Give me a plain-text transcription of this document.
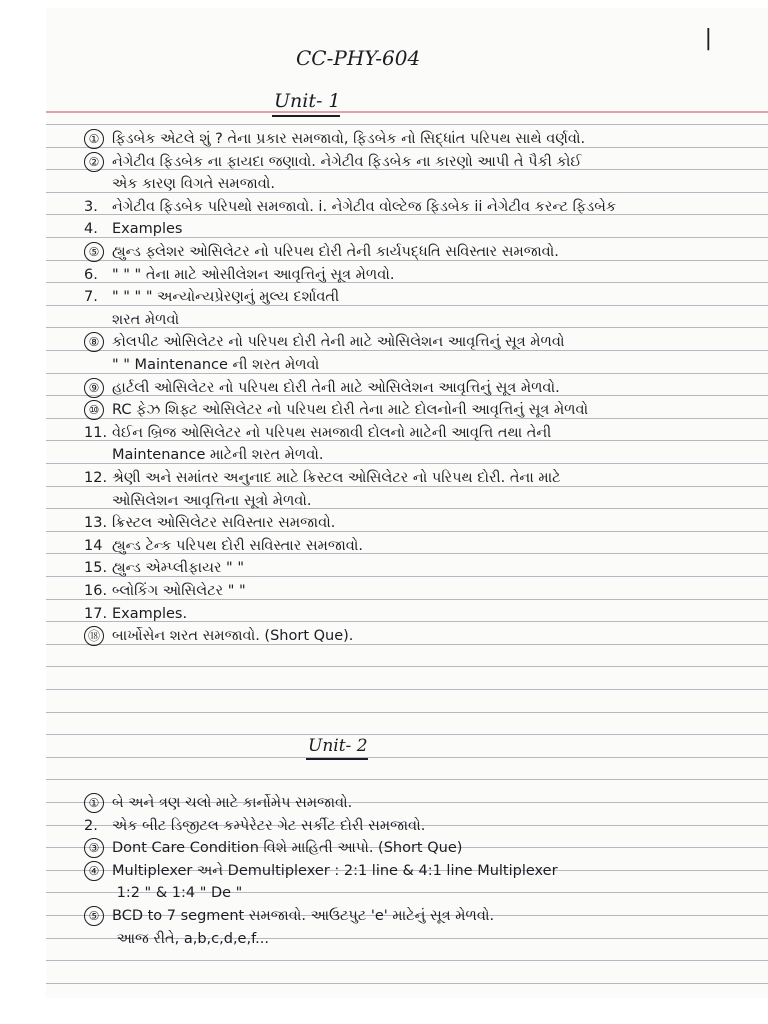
CC-PHY-604
Unit- 1
① ફિડબેક એટલે શું ? તેના પ્રકાર સમજાવો, ફિડબેક નો સિદ્ધાંત પરિપથ સાથે વર્ણવો.
② નેગેટીવ ફિડબેક ના ફાયદા જણાવો. નેગેટીવ ફિડબેક ના કારણો આપી તે પૈકી કોઈ
એક કારણ વિગતે સમજાવો.
3. નેગેટીવ ફિડબેક પરિપથો સમજાવો. i. નેગેટીવ વોલ્ટેજ ફિડબેક ii નેગેટીવ કરન્ટ ફિડબેક
4. Examples
⑤ હ્યુન્ડ ફ્લેશર ઓસિલેટર નો પરિપથ દોરી તેની કાર્યપદ્ધતિ સવિસ્તાર સમજાવો.
6. " " " તેના માટે ઓસીલેશન આવૃત્તિનું સૂત્ર મેળવો.
7. " " " " અન્યોન્યપ્રેરણનું મુલ્ય દર્શાવતી
શરત મેળવો
⑧ કોલપીટ ઓસિલેટર નો પરિપથ દોરી તેની માટે ઓસિલેશન આવૃત્તિનું સૂત્ર મેળવો
" " Maintenance ની શરત મેળવો
⑨ હાર્ટલી ઓસિલેટર નો પરિપથ દોરી તેની માટે ઓસિલેશન આવૃત્તિનું સૂત્ર મેળવો.
⑩ RC ફેઝ શિફ્ટ ઓસિલેટર નો પરિપથ દોરી તેના માટે દોલનોની આવૃત્તિનું સૂત્ર મેળવો
11. વેઈન બ્રિજ ઓસિલેટર નો પરિપથ સમજાવી દોલનો માટેની આવૃત્તિ તથા તેની
Maintenance માટેની શરત મેળવો.
12. શ્રેણી અને સમાંતર અનુનાદ માટે ક્રિસ્ટલ ઓસિલેટર નો પરિપથ દોરી. તેના માટે
ઓસિલેશન આવૃત્તિના સૂત્રો મેળવો.
13. ક્રિસ્ટલ ઓસિલેટર સવિસ્તાર સમજાવો.
14 હ્યુન્ડ ટેન્ક પરિપથ દોરી સવિસ્તાર સમજાવો.
15. હ્યુન્ડ એમ્પ્લીફાયર " "
16. બ્લોકિંગ ઓસિલેટર " "
17. Examples.
⑱ બાર્ખોસેન શરત સમજાવો. (Short Que).
Unit- 2
① બે અને ત્રણ ચલો માટે કાર્નોમેપ સમજાવો.
2. એક બીટ ડિજીટલ કમ્પેરેટર ગેટ સર્કીટ દોરી સમજાવો.
③ Dont Care Condition વિશે માહિતી આપો. (Short Que)
④ Multiplexer અને Demultiplexer : 2:1 line & 4:1 line Multiplexer
1:2 " & 1:4 " De "
⑤ BCD to 7 segment સમજાવો. આઉટપુટ 'e' માટેનું સૂત્ર મેળવો.
આજ રીતે, a,b,c,d,e,f...
|
